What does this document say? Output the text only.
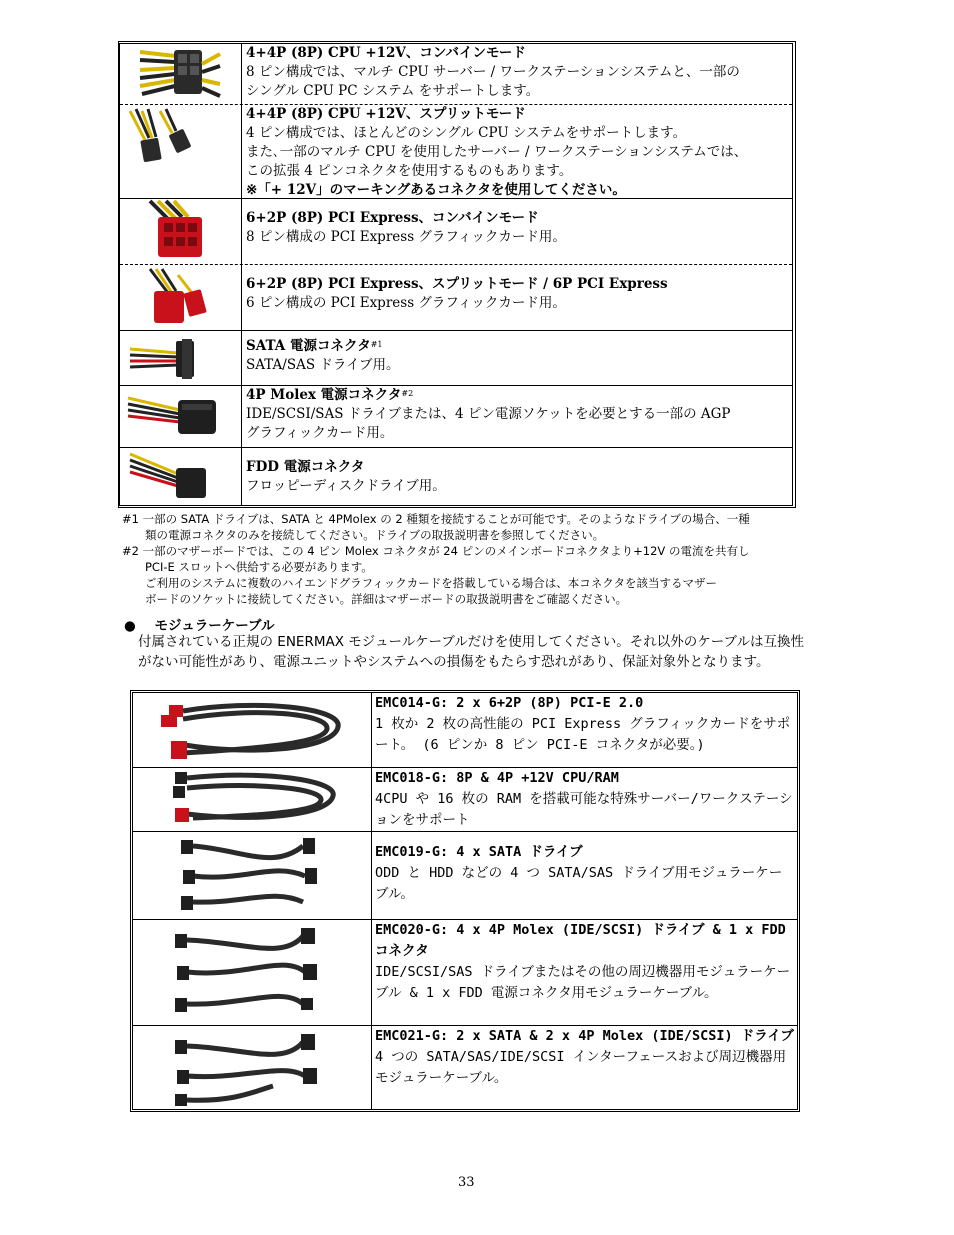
4+4P (8P) CPU +12V、コンバインモード
8 ピン構成では、マルチ CPU サーバー / ワークステーションシステムと、一部の
シングル CPU PC システム をサポートします。
4+4P (8P) CPU +12V、スプリットモード
4 ピン構成では、ほとんどのシングル CPU システムをサポートします。
また､一部のマルチ CPU を使用したサーバー / ワークステーションシステムでは、
この拡張 4 ピンコネクタを使用するものもあります。
※「+ 12V」のマーキングあるコネクタを使用してください。
6+2P (8P) PCI Express、コンバインモード
8 ピン構成の PCI Express グラフィックカード用。
6+2P (8P) PCI Express、スプリットモード / 6P PCI Express
6 ピン構成の PCI Express グラフィックカード用。
SATA 電源コネクタ$^{\#1}$
SATA/SAS ドライブ用。
4P Molex 電源コネクタ$^{\#2}$
IDE/SCSI/SAS ドライブまたは、4 ピン電源ソケットを必要とする一部の AGP
グラフィックカード用。
FDD 電源コネクタ
フロッピーディスクドライブ用。
#1 一部の SATA ドライブは、SATA と 4PMolex の 2 種類を接続することが可能です。そのようなドライブの場合、一種
　　類の電源コネクタのみを接続してください。ドライブの取扱説明書を参照してください。
#2 一部のマザーボードでは、この 4 ピン Molex コネクタが 24 ピンのメインボードコネクタより+12V の電流を共有し
　　PCI-E スロットへ供給する必要があります。
　　ご利用のシステムに複数のハイエンドグラフィックカードを搭載している場合は、本コネクタを該当するマザー
　　ボードのソケットに接続してください。詳細はマザーボードの取扱説明書をご確認ください。
● モジュラーケーブル
付属されている正規の ENERMAX モジュールケーブルだけを使用してください。それ以外のケーブルは互換性がない可能性があり、電源ユニットやシステムへの損傷をもたらす恐れがあり、保証対象外となります。
EMC014-G: 2 x 6+2P (8P) PCI-E 2.0
1 枚か 2 枚の高性能の PCI Express グラフィックカードをサポート。 (6 ピンか 8 ピン PCI-E コネクタが必要。)
EMC018-G: 8P & 4P +12V CPU/RAM
4CPU や 16 枚の RAM を搭載可能な特殊サーバー/ワークステーションをサポート
EMC019-G: 4 x SATA ドライブ
ODD と HDD などの 4 つ SATA/SAS ドライブ用モジュラーケーブル。
EMC020-G: 4 x 4P Molex (IDE/SCSI) ドライブ & 1 x FDD コネクタ
IDE/SCSI/SAS ドライブまたはその他の周辺機器用モジュラーケーブル & 1 x FDD 電源コネクタ用モジュラーケーブル。
EMC021-G: 2 x SATA & 2 x 4P Molex (IDE/SCSI) ドライブ
4 つの SATA/SAS/IDE/SCSI インターフェースおよび周辺機器用モジュラーケーブル。
33
